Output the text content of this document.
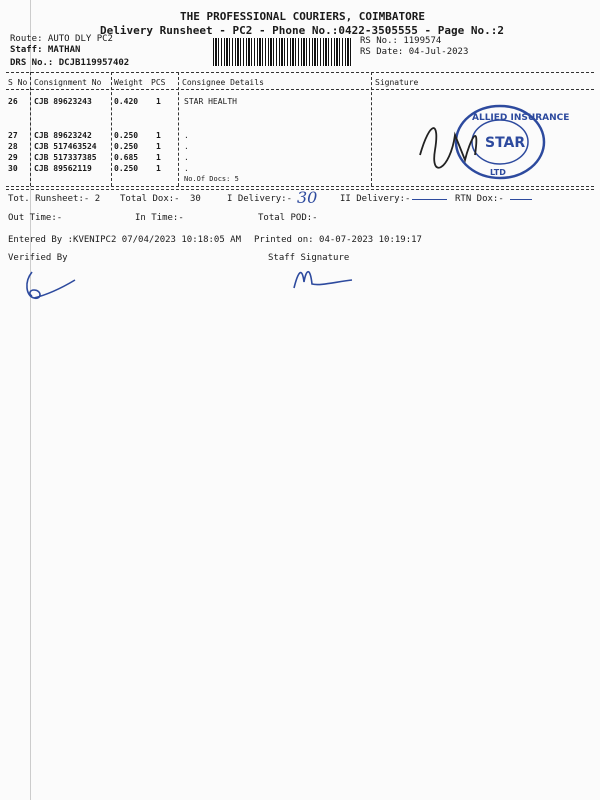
THE PROFESSIONAL COURIERS, COIMBATORE
Delivery Runsheet - PC2 - Phone No.:0422-3505555 - Page No.:2
Route: AUTO DLY PC2
Staff: MATHAN
DRS No.: DCJB119957402
RS No.: 1199574
RS Date: 04-Jul-2023
S No Consignment No Weight PCS Consignee Details	Signature
26 CJB 89623243	0.420 1	STAR HEALTH
27 CJB 89623242	0.250 1	.
28 CJB 517463524 0.250 1	.
29 CJB 517337385 0.685 1	.
30 CJB 89562119	0.250 1	.
No.Of Docs: 5
ALLIED INSURANCE
STAR
LTD
Tot. Runsheet:- 2 Total Dox:- 30	I Delivery:- 30	II Delivery:-	RTN Dox:-
Out Time:-	In Time:-	Total POD:-
Entered By :KVENIPC2 07/04/2023 10:18:05 AM Printed on: 04-07-2023 10:19:17
Verified By	Staff Signature
